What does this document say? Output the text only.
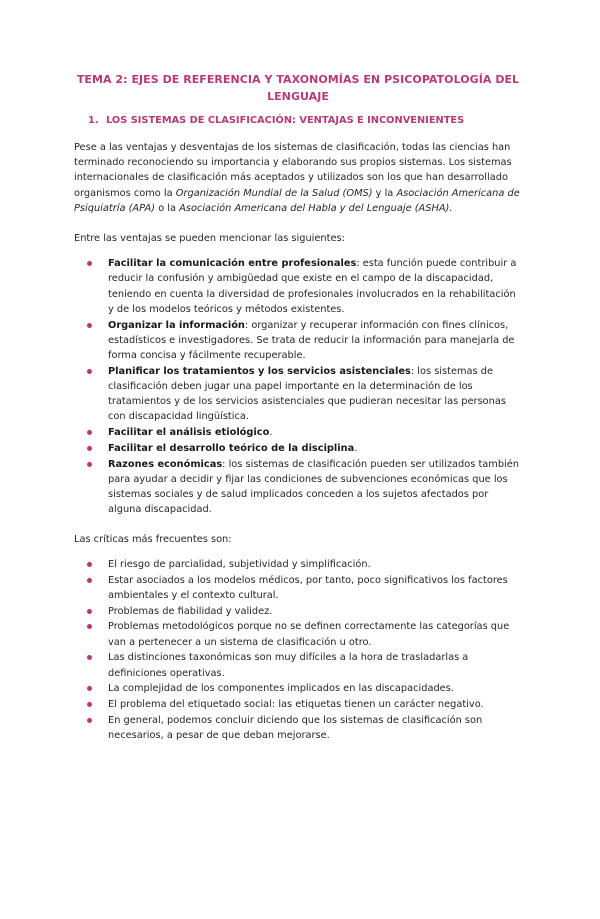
TEMA 2: EJES DE REFERENCIA Y TAXONOMÍAS EN PSICOPATOLOGÍA DEL LENGUAJE
1. LOS SISTEMAS DE CLASIFICACIÓN: VENTAJAS E INCONVENIENTES

Pese a las ventajas y desventajas de los sistemas de clasificación, todas las ciencias han terminado reconociendo su importancia y elaborando sus propios sistemas. Los sistemas internacionales de clasificación más aceptados y utilizados son los que han desarrollado organismos como la Organización Mundial de la Salud (OMS) y la Asociación Americana de Psiquiatría (APA) o la Asociación Americana del Habla y del Lenguaje (ASHA).

Entre las ventajas se pueden mencionar las siguientes:

Facilitar la comunicación entre profesionales: esta función puede contribuir a reducir la confusión y ambigüedad que existe en el campo de la discapacidad, teniendo en cuenta la diversidad de profesionales involucrados en la rehabilitación y de los modelos teóricos y métodos existentes.
Organizar la información: organizar y recuperar información con fines clínicos, estadísticos e investigadores. Se trata de reducir la información para manejarla de forma concisa y fácilmente recuperable.
Planificar los tratamientos y los servicios asistenciales: los sistemas de clasificación deben jugar una papel importante en la determinación de los tratamientos y de los servicios asistenciales que pudieran necesitar las personas con discapacidad lingüística.
Facilitar el análisis etiológico.
Facilitar el desarrollo teórico de la disciplina.
Razones económicas: los sistemas de clasificación pueden ser utilizados también para ayudar a decidir y fijar las condiciones de subvenciones económicas que los sistemas sociales y de salud implicados conceden a los sujetos afectados por alguna discapacidad.

Las críticas más frecuentes son:

El riesgo de parcialidad, subjetividad y simplificación.
Estar asociados a los modelos médicos, por tanto, poco significativos los factores ambientales y el contexto cultural.
Problemas de fiabilidad y validez.
Problemas metodológicos porque no se definen correctamente las categorías que van a pertenecer a un sistema de clasificación u otro.
Las distinciones taxonómicas son muy difíciles a la hora de trasladarlas a definiciones operativas.
La complejidad de los componentes implicados en las discapacidades.
El problema del etiquetado social: las etiquetas tienen un carácter negativo.
En general, podemos concluir diciendo que los sistemas de clasificación son necesarios, a pesar de que deban mejorarse.
